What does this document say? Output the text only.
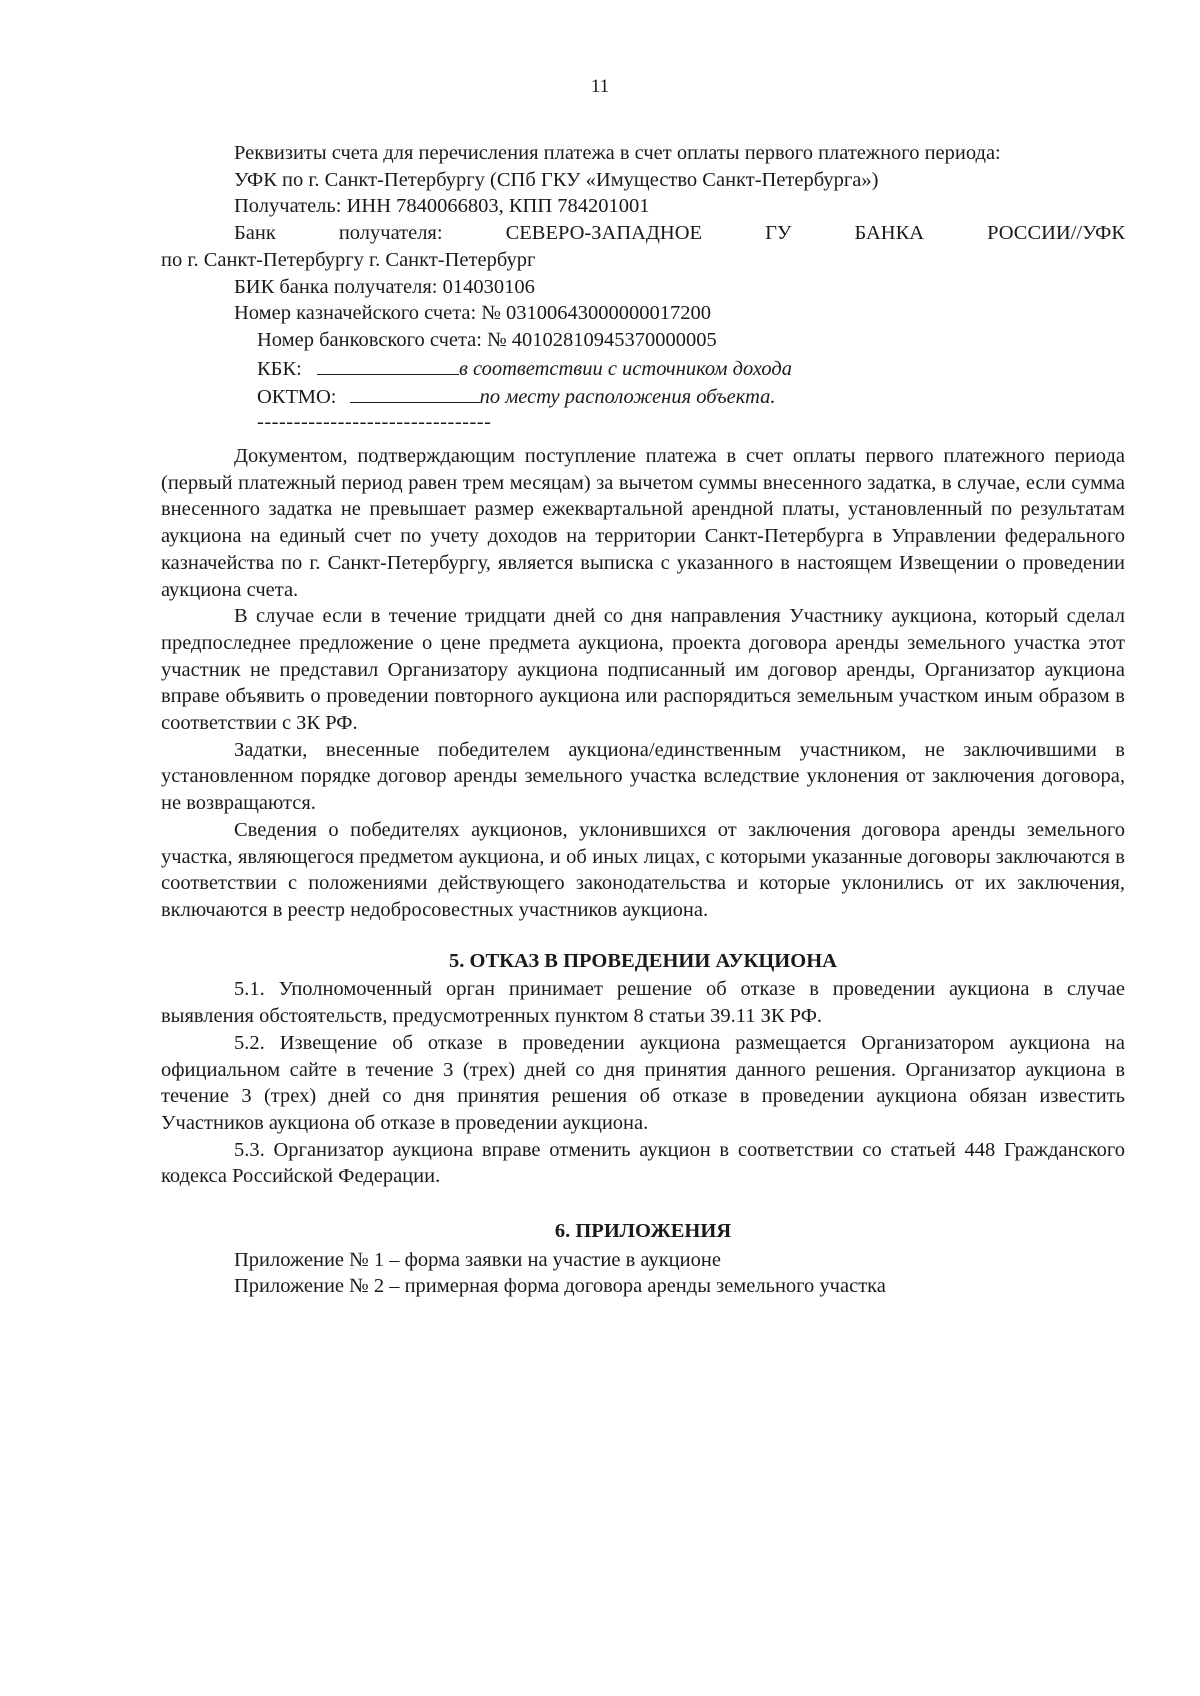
11

Реквизиты счета для перечисления платежа в счет оплаты первого платежного периода:

УФК по г. Санкт-Петербургу (СПб ГКУ «Имущество Санкт-Петербурга»)
Получатель: ИНН 7840066803, КПП 784201001
Банк	получателя:	СЕВЕРО-ЗАПАДНОЕ	ГУ	БАНКА	РОССИИ//УФК
по г. Санкт-Петербургу г. Санкт-Петербург
БИК банка получателя: 014030106
Номер казначейского счета: № 03100643000000017200
Номер банковского счета: № 40102810945370000005
КБК:	в соответствии с источником дохода
ОКТМО:	по месту расположения объекта.
--------------------------------

Документом, подтверждающим поступление платежа в счет оплаты первого платежного периода (первый платежный период равен трем месяцам) за вычетом суммы внесенного задатка, в случае, если сумма внесенного задатка не превышает размер ежеквартальной арендной платы, установленный по результатам аукциона на единый счет по учету доходов на территории Санкт-Петербурга в Управлении федерального казначейства по г. Санкт-Петербургу, является выписка с указанного в настоящем Извещении о проведении аукциона счета.

В случае если в течение тридцати дней со дня направления Участнику аукциона, который сделал предпоследнее предложение о цене предмета аукциона, проекта договора аренды земельного участка этот участник не представил Организатору аукциона подписанный им договор аренды, Организатор аукциона вправе объявить о проведении повторного аукциона или распорядиться земельным участком иным образом в соответствии с ЗК РФ.

Задатки, внесенные победителем аукциона/единственным участником, не заключившими в установленном порядке договор аренды земельного участка вследствие уклонения от заключения договора, не возвращаются.

Сведения о победителях аукционов, уклонившихся от заключения договора аренды земельного участка, являющегося предметом аукциона, и об иных лицах, с которыми указанные договоры заключаются в соответствии с положениями действующего законодательства и которые уклонились от их заключения, включаются в реестр недобросовестных участников аукциона.

5. ОТКАЗ В ПРОВЕДЕНИИ АУКЦИОНА

5.1. Уполномоченный орган принимает решение об отказе в проведении аукциона в случае выявления обстоятельств, предусмотренных пунктом 8 статьи 39.11 ЗК РФ.

5.2. Извещение об отказе в проведении аукциона размещается Организатором аукциона на официальном сайте в течение 3 (трех) дней со дня принятия данного решения. Организатор аукциона в течение 3 (трех) дней со дня принятия решения об отказе в проведении аукциона обязан известить Участников аукциона об отказе в проведении аукциона.

5.3. Организатор аукциона вправе отменить аукцион в соответствии со статьей 448 Гражданского кодекса Российской Федерации.

6. ПРИЛОЖЕНИЯ
Приложение № 1 – форма заявки на участие в аукционе
Приложение № 2 – примерная форма договора аренды земельного участка
